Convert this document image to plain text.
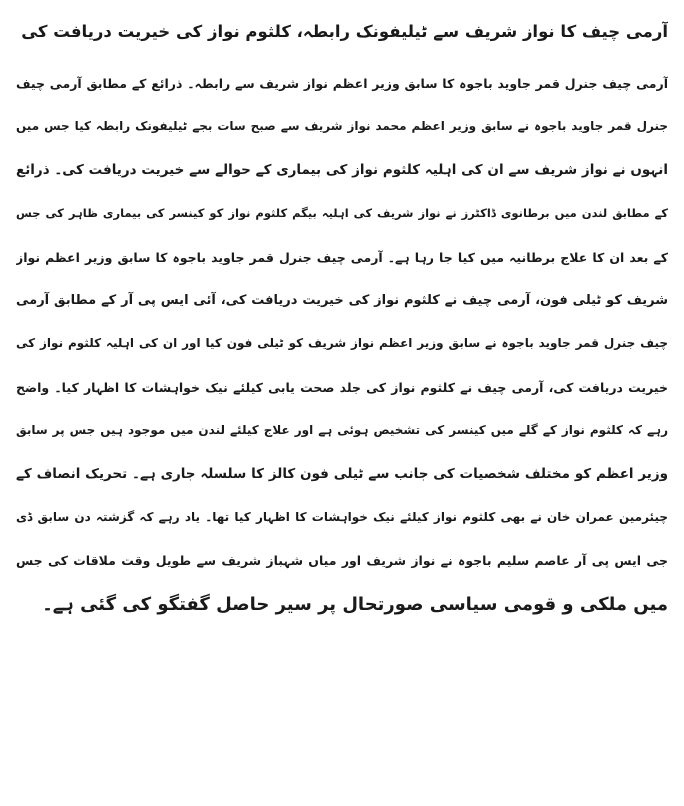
آرمی چیف کا نواز شریف سے ٹیلیفونک رابطہ، کلثوم نواز کی خیریت دریافت کی
آرمی چیف جنرل قمر جاوید باجوہ کا سابق وزیر اعظم نواز شریف سے رابطہ۔ ذرائع کے مطابق آرمی چیف
جنرل قمر جاوید باجوہ نے سابق وزیر اعظم محمد نواز شریف سے صبح سات بجے ٹیلیفونک رابطہ کیا جس میں
انہوں نے نواز شریف سے ان کی اہلیہ کلثوم نواز کی بیماری کے حوالے سے خیریت دریافت کی۔ ذرائع
کے مطابق لندن میں برطانوی ڈاکٹرز نے نواز شریف کی اہلیہ بیگم کلثوم نواز کو کینسر کی بیماری ظاہر کی جس
کے بعد ان کا علاج برطانیہ میں کیا جا رہا ہے۔ آرمی چیف جنرل قمر جاوید باجوہ کا سابق وزیر اعظم نواز
شریف کو ٹیلی فون، آرمی چیف نے کلثوم نواز کی خیریت دریافت کی، آئی ایس پی آر کے مطابق آرمی
چیف جنرل قمر جاوید باجوہ نے سابق وزیر اعظم نواز شریف کو ٹیلی فون کیا اور ان کی اہلیہ کلثوم نواز کی
خیریت دریافت کی، آرمی چیف نے کلثوم نواز کی جلد صحت یابی کیلئے نیک خواہشات کا اظہار کیا۔ واضح
رہے کہ کلثوم نواز کے گلے میں کینسر کی تشخیص ہوئی ہے اور علاج کیلئے لندن میں موجود ہیں جس پر سابق
وزیر اعظم کو مختلف شخصیات کی جانب سے ٹیلی فون کالز کا سلسلہ جاری ہے۔ تحریک انصاف کے
چیئرمین عمران خان نے بھی کلثوم نواز کیلئے نیک خواہشات کا اظہار کیا تھا۔ یاد رہے کہ گزشتہ دن سابق ڈی
جی ایس پی آر عاصم سلیم باجوہ نے نواز شریف اور میاں شہباز شریف سے طویل وقت ملاقات کی جس
میں ملکی و قومی سیاسی صورتحال پر سیر حاصل گفتگو کی گئی ہے۔
